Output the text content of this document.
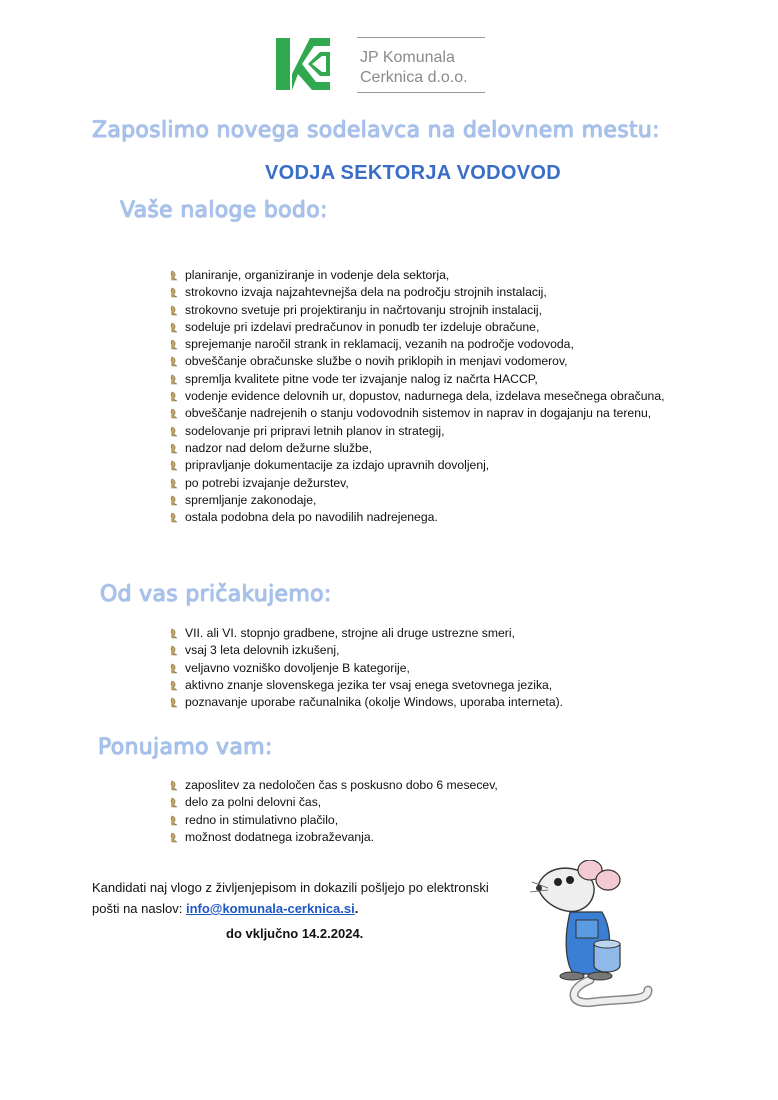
JP Komunala
Cerknica d.o.o.
Zaposlimo novega sodelavca na delovnem mestu:
VODJA SEKTORJA VODOVOD
Vaše naloge bodo:
planiranje, organiziranje in vodenje dela sektorja,
strokovno izvaja najzahtevnejša dela na področju strojnih instalacij,
strokovno svetuje pri projektiranju in načrtovanju strojnih instalacij,
sodeluje pri izdelavi predračunov in ponudb ter izdeluje obračune,
sprejemanje naročil strank in reklamacij, vezanih na področje vodovoda,
obveščanje obračunske službe o novih priklopih in menjavi vodomerov,
spremlja kvalitete pitne vode ter izvajanje nalog iz načrta HACCP,
vodenje evidence delovnih ur, dopustov, nadurnega dela, izdelava mesečnega obračuna,
obveščanje nadrejenih o stanju vodovodnih sistemov in naprav in dogajanju na terenu,
sodelovanje pri pripravi letnih planov in strategij,
nadzor nad delom dežurne službe,
pripravljanje dokumentacije za izdajo upravnih dovoljenj,
po potrebi izvajanje dežurstev,
spremljanje zakonodaje,
ostala podobna dela po navodilih nadrejenega.
Od vas pričakujemo:
VII. ali VI. stopnjo gradbene, strojne ali druge ustrezne smeri,
vsaj 3 leta delovnih izkušenj,
veljavno vozniško dovoljenje B kategorije,
aktivno znanje slovenskega jezika ter vsaj enega svetovnega jezika,
poznavanje uporabe računalnika (okolje Windows, uporaba interneta).
Ponujamo vam:
zaposlitev za nedoločen čas s poskusno dobo 6 mesecev,
delo za polni delovni čas,
redno in stimulativno plačilo,
možnost dodatnega izobraževanja.
Kandidati naj vlogo z življenjepisom in dokazili pošljejo po elektronski
pošti na naslov: info@komunala-cerknica.si.
do vključno 14.2.2024.
